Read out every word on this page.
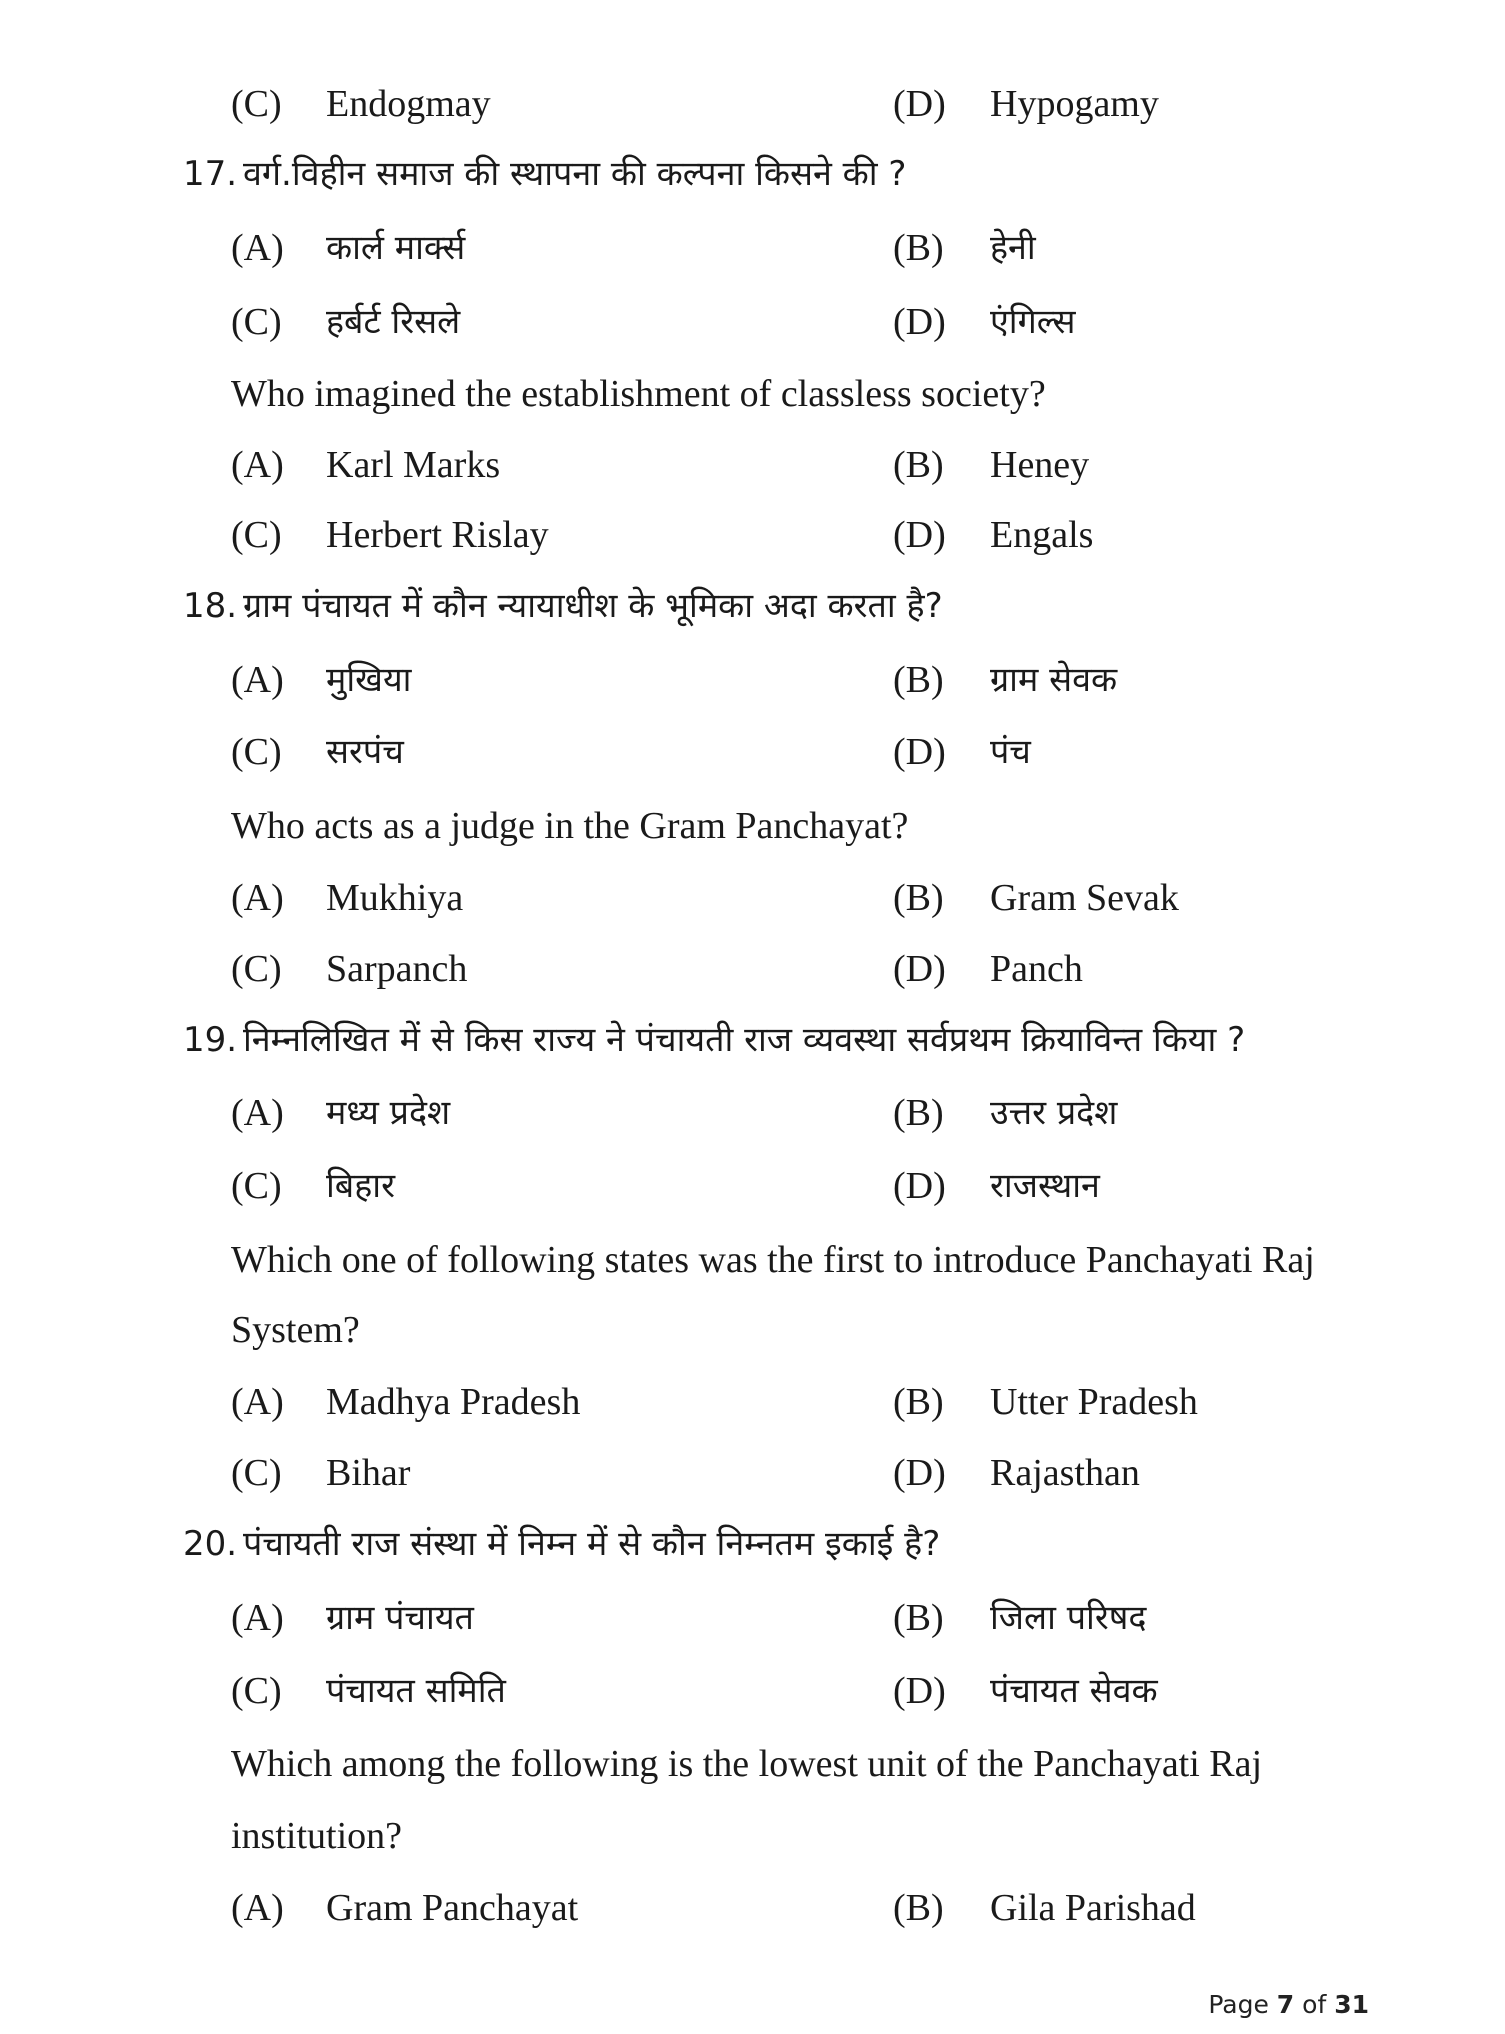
(C) Endogmay	(D) Hypogamy
17. वर्ग.विहीन समाज की स्थापना की कल्पना किसने की ?
(A) कार्ल मार्क्स	(B) हेनी
(C) हर्बर्ट रिसले	(D) एंगिल्स
Who imagined the establishment of classless society?
(A) Karl Marks	(B) Heney
(C) Herbert Rislay	(D) Engals
18. ग्राम पंचायत में कौन न्यायाधीश के भूमिका अदा करता है?
(A) मुखिया	(B) ग्राम सेवक
(C) सरपंच	(D) पंच
Who acts as a judge in the Gram Panchayat?
(A) Mukhiya	(B) Gram Sevak
(C) Sarpanch	(D) Panch
19. निम्नलिखित में से किस राज्य ने पंचायती राज व्यवस्था सर्वप्रथम क्रियाविन्त किया ?
(A) मध्य प्रदेश	(B) उत्तर प्रदेश
(C) बिहार	(D) राजस्थान
Which one of following states was the first to introduce Panchayati Raj
System?
(A) Madhya Pradesh	(B) Utter Pradesh
(C) Bihar	(D) Rajasthan
20. पंचायती राज संस्था में निम्न में से कौन निम्नतम इकाई है?
(A) ग्राम पंचायत	(B) जिला परिषद
(C) पंचायत समिति	(D) पंचायत सेवक
Which among the following is the lowest unit of the Panchayati Raj
institution?
(A) Gram Panchayat	(B) Gila Parishad
Page 7 of 31
